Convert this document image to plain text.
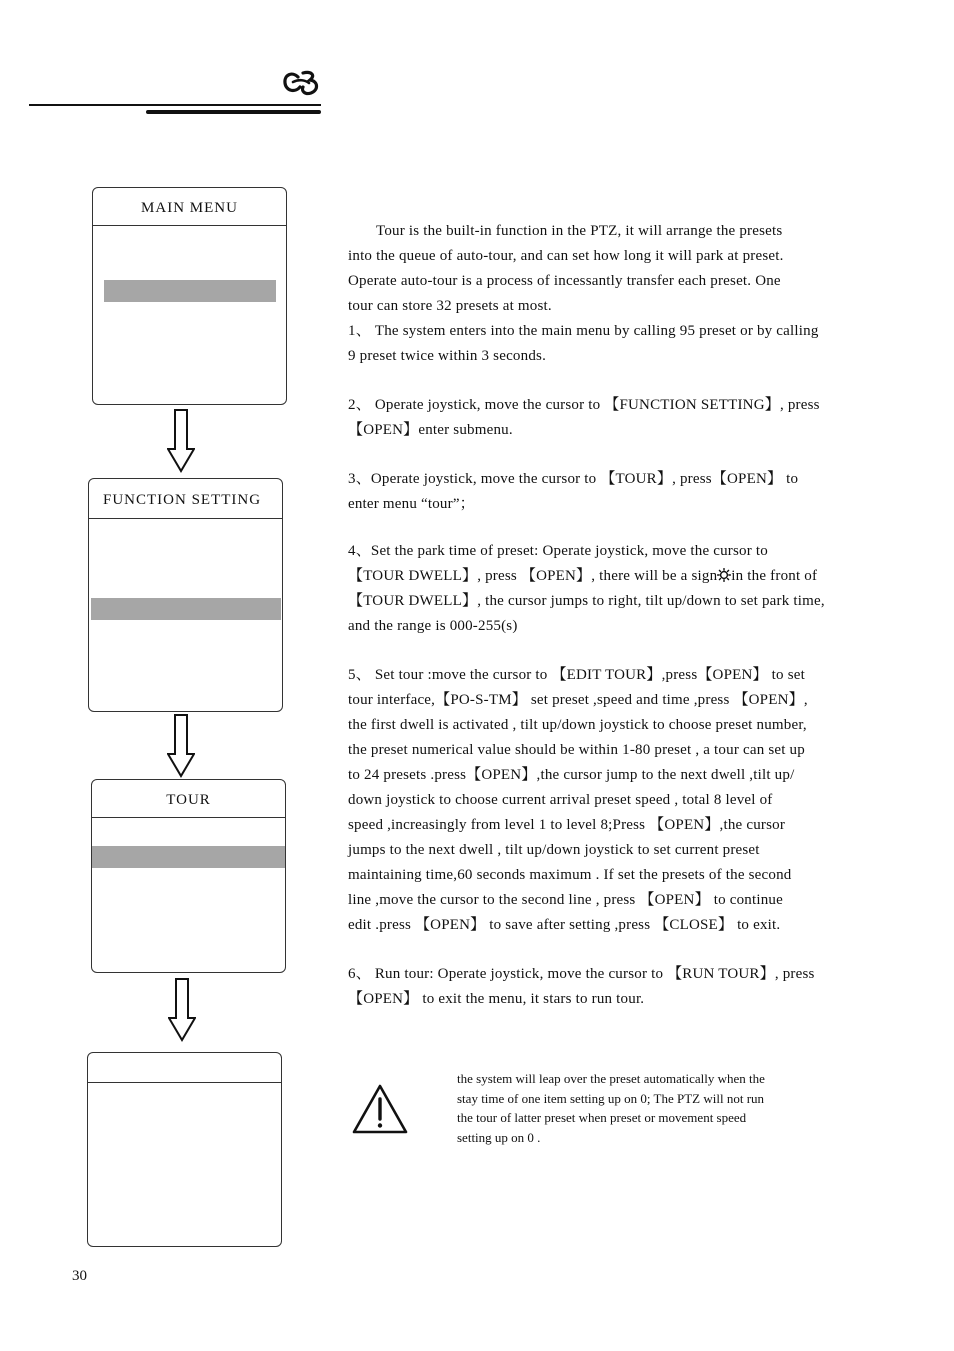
MAIN MENU
FUNCTION SETTING
TOUR

Tour is the built-in function in the PTZ, it will arrange the presets

into the queue of auto-tour, and can set how long it will park at preset.

Operate auto-tour is a process of incessantly transfer each preset. One

tour can store 32 presets at most.

1、 The system enters into the main menu by calling 95 preset or by calling

9 preset twice within 3 seconds.

2、 Operate joystick, move the cursor to 【FUNCTION SETTING】, press

【OPEN】enter submenu.

3、Operate joystick, move the cursor to 【TOUR】, press【OPEN】 to

enter menu “tour”；

4、Set the park time of preset: Operate joystick, move the cursor to

【TOUR DWELL】, press 【OPEN】, there will be a sign in the front of

【TOUR DWELL】, the cursor jumps to right, tilt up/down to set park time,

and the range is 000-255(s)

5、 Set tour :move the cursor to 【EDIT TOUR】,press【OPEN】 to set

tour interface,【PO-S-TM】 set preset ,speed and time ,press 【OPEN】,

the first dwell is activated , tilt up/down joystick to choose preset number,

the preset numerical value should be within 1-80 preset , a tour can set up

to 24 presets .press【OPEN】,the cursor jump to the next dwell ,tilt up/

down joystick to choose current arrival preset speed , total 8 level of

speed ,increasingly from level 1 to level 8;Press 【OPEN】,the cursor

jumps to the next dwell , tilt up/down joystick to set current preset

maintaining time,60 seconds maximum . If set the presets of the second

line ,move the cursor to the second line , press 【OPEN】 to continue

edit .press 【OPEN】 to save after setting ,press 【CLOSE】 to exit.

6、 Run tour: Operate joystick, move the cursor to 【RUN TOUR】, press

【OPEN】 to exit the menu, it stars to run tour.

the system will leap over the preset automatically when the

stay time of one item setting up on 0; The PTZ will not run

the tour of latter preset when preset or movement speed

setting up on 0 .

30
